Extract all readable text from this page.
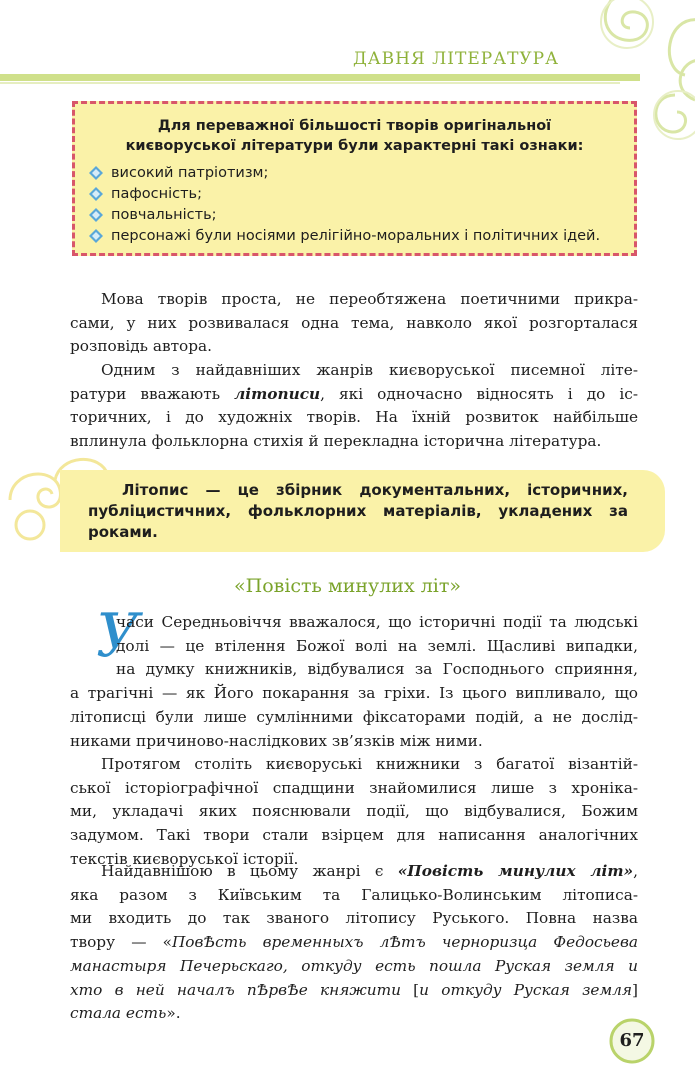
ДАВНЯ ЛІТЕРАТУРА
Для переважної більшості творів оригінальної
києворуської літератури були характерні такі ознаки:
високий патріотизм;
пафосність;
повчальність;
персонажі були носіями релігійно-моральних і політичних ідей.
Мова творів проста, не переобтяжена поетичними прикра-
сами, у них розвивалася одна тема, навколо якої розгорталася
розповідь автора.
Одним з найдавніших жанрів києворуської писемної літе-
ратури вважають літописи, які одночасно відносять і до іс-
торичних, і до художніх творів. На їхній розвиток найбільше
вплинула фольклорна стихія й перекладна історична література.
Літопис — це збірник документальних, історичних,
публіцистичних, фольклорних матеріалів, укладених за
роками.
«Повість минулих літ»
У
часи Середньовіччя вважалося, що історичні події та людські
долі — це втілення Божої волі на землі. Щасливі випадки,
на думку книжників, відбувалися за Господнього сприяння,
а трагічні — як Його покарання за гріхи. Із цього випливало, що
літописці були лише сумлінними фіксаторами подій, а не дослід-
никами причиново-наслідкових зв’язків між ними.
Протягом століть києворуські книжники з багатої візантій-
ської історіографічної спадщини знайомилися лише з хроніка-
ми, укладачі яких пояснювали події, що відбувалися, Божим
задумом. Такі твори стали взірцем для написання аналогічних
текстів києворуської історії.
Найдавнішою в цьому жанрі є «Повість минулих літ»,
яка разом з Київським та Галицько-Волинським літописа-
ми входить до так званого літопису Руського. Повна назва
твору — «ПовѢсть временныхъ лѢтъ черноризца Федосьева
манастыря Печерьскаго, откуду есть пошла Руская земля и
хто в ней началъ пѢрвѢе княжити [и откуду Руская земля]
стала есть».
67
